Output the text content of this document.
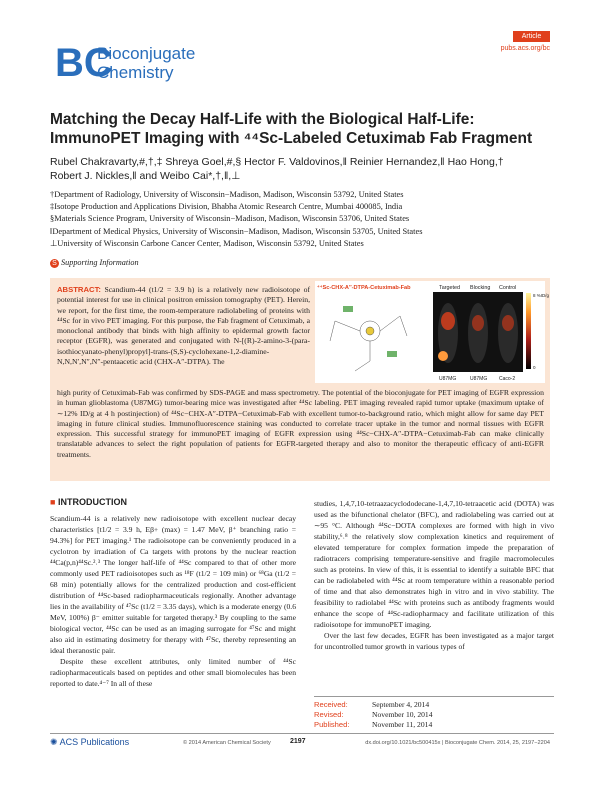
BC
Bioconjugate
Chemistry
Article
pubs.acs.org/bc
Matching the Decay Half-Life with the Biological Half-Life:
ImmunoPET Imaging with ⁴⁴Sc-Labeled Cetuximab Fab Fragment
Rubel Chakravarty,#,†,‡ Shreya Goel,#,§ Hector F. Valdovinos,‖ Reinier Hernandez,‖ Hao Hong,†
Robert J. Nickles,‖ and Weibo Cai*,†,‖,⊥
†Department of Radiology, University of Wisconsin−Madison, Madison, Wisconsin 53792, United States
‡Isotope Production and Applications Division, Bhabha Atomic Research Centre, Mumbai 400085, India
§Materials Science Program, University of Wisconsin−Madison, Madison, Wisconsin 53706, United States
‖Department of Medical Physics, University of Wisconsin−Madison, Madison, Wisconsin 53705, United States
⊥University of Wisconsin Carbone Cancer Center, Madison, Wisconsin 53792, United States
S Supporting Information
ABSTRACT: Scandium-44 (t1/2 = 3.9 h) is a relatively new radioisotope of potential interest for use in clinical positron emission tomography (PET). Herein, we report, for the first time, the room-temperature radiolabeling of proteins with ⁴⁴Sc for in vivo PET imaging. For this purpose, the Fab fragment of Cetuximab, a monoclonal antibody that binds with high affinity to epidermal growth factor receptor (EGFR), was generated and conjugated with N-[(R)-2-amino-3-(para-isothiocyanato-phenyl)propyl]-trans-(S,S)-cyclohexane-1,2-diamine-N,N,N′,N″,N″-pentaacetic acid (CHX-A″-DTPA). The
high purity of Cetuximab-Fab was confirmed by SDS-PAGE and mass spectrometry. The potential of the bioconjugate for PET imaging of EGFR expression in human glioblastoma (U87MG) tumor-bearing mice was investigated after ⁴⁴Sc labeling. PET imaging revealed rapid tumor uptake (maximum uptake of ∼12% ID/g at 4 h postinjection) of ⁴⁴Sc−CHX-A″-DTPA−Cetuximab-Fab with excellent tumor-to-background ratio, which might allow for same day PET imaging in future clinical studies. Immunofluorescence staining was conducted to correlate tracer uptake in the tumor and normal tissues with EGFR expression. This successful strategy for immunoPET imaging of EGFR expression using ⁴⁴Sc−CHX-A″-DTPA−Cetuximab-Fab can make clinically translatable advances to select the right population of patients for EGFR-targeted therapy and also to monitor the therapeutic efficacy of anti-EGFR treatments.
⁴⁴Sc-CHX-A″-DTPA-Cetuximab-Fab	Targeted Blocking Control
8 %ID/g
0
U87MG	U87MG Caco-2
■ INTRODUCTION

Scandium-44 is a relatively new radioisotope with excellent nuclear decay characteristics [t1/2 = 3.9 h, Eβ+ (max) = 1.47 MeV, β⁺ branching ratio = 94.3%] for PET imaging.¹ The radioisotope can be conveniently produced in a cyclotron by irradiation of Ca targets with protons by the nuclear reaction ⁴⁴Ca(p,n)⁴⁴Sc.²˒³ The longer half-life of ⁴⁴Sc compared to that of other more commonly used PET radioisotopes such as ¹⁸F (t1/2 = 109 min) or ⁶⁸Ga (t1/2 = 68 min) potentially allows for the centralized production and cost-efficient distribution of ⁴⁴Sc-based radiopharmaceuticals regionally. Another advantage lies in the availability of ⁴⁷Sc (t1/2 = 3.35 days), which is a moderate energy (0.6 MeV, 100%) β⁻ emitter suitable for targeted therapy.³ By coupling to the same biological vector, ⁴⁴Sc can be used as an imaging surrogate for ⁴⁷Sc and might also aid in estimating dosimetry for therapy with ⁴⁷Sc, thereby representing an ideal theranostic pair.

Despite these excellent attributes, only limited number of ⁴⁴Sc radiopharmaceuticals based on peptides and other small biomolecules has been reported to date.⁴⁻⁷ In all of these

studies, 1,4,7,10-tetraazacyclododecane-1,4,7,10-tetraacetic acid (DOTA) was used as the bifunctional chelator (BFC), and radiolabeling was carried out at ∼95 °C. Although ⁴⁴Sc−DOTA complexes are formed with high in vivo stability,⁶˒⁸ the relatively slow complexation kinetics and requirement of elevated temperature for complex formation impede the preparation of radiotracers comprising temperature-sensitive and fragile macromolecules such as proteins. In view of this, it is essential to identify a suitable BFC that can be radiolabeled with ⁴⁴Sc at room temperature within a reasonable period of time and that also demonstrates high in vitro and in vivo stability. The feasibility to radiolabel ⁴⁴Sc with proteins such as antibody fragments would enhance the scope of ⁴⁴Sc-radiopharmacy and facilitate utilization of this radioisotope for immunoPET imaging.

Over the last few decades, EGFR has been investigated as a major target for uncontrolled tumor growth in various types of

Received:	September 4, 2014
Revised:	November 10, 2014
Published:	November 11, 2014
✺ ACS Publications	© 2014 American Chemical Society	2197	dx.doi.org/10.1021/bc500415x | Bioconjugate Chem. 2014, 25, 2197−2204
